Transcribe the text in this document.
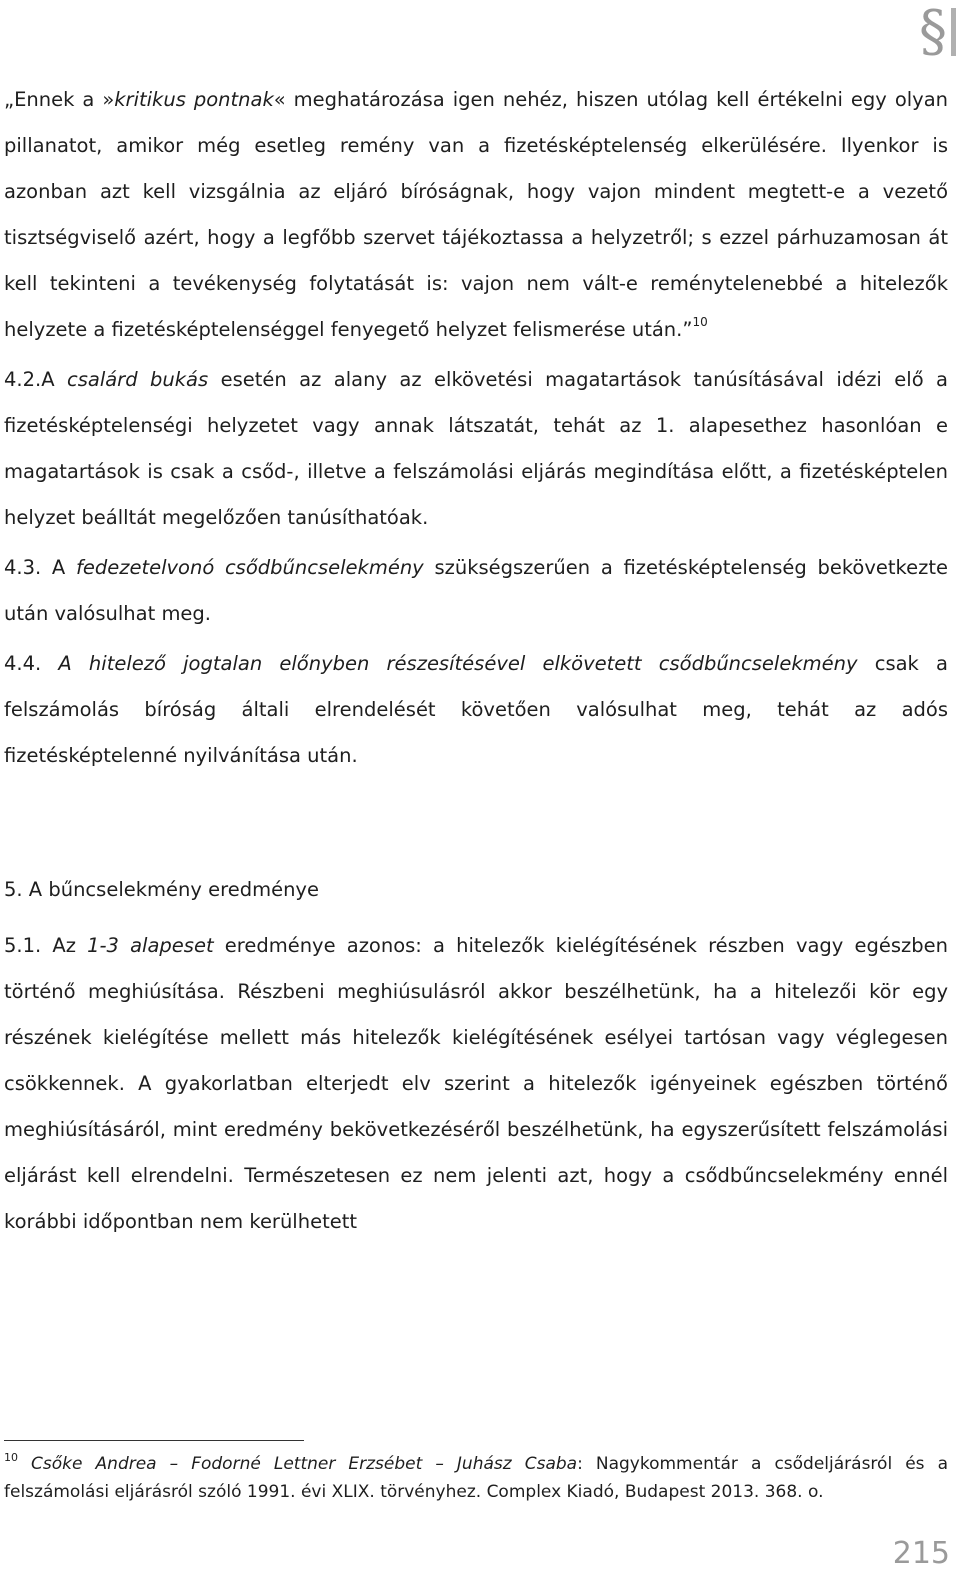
§

„Ennek a »kritikus pontnak« meghatározása igen nehéz, hiszen utólag kell értékelni egy olyan pillanatot, amikor még esetleg remény van a fizetésképtelenség elkerülésére. Ilyenkor is azonban azt kell vizsgálnia az eljáró bíróságnak, hogy vajon mindent megtett-e a vezető tisztségviselő azért, hogy a legfőbb szervet tájékoztassa a helyzetről; s ezzel párhuzamosan át kell tekinteni a tevékenység folytatását is: vajon nem vált-e reménytelenebbé a hitelezők helyzete a fizetésképtelenséggel fenyegető helyzet felismerése után.”$^{10}$

4.2.A csalárd bukás esetén az alany az elkövetési magatartások tanúsításával idézi elő a fizetésképtelenségi helyzetet vagy annak látszatát, tehát az 1. alapesethez hasonlóan e magatartások is csak a csőd-, illetve a felszámolási eljárás megindítása előtt, a fizetésképtelen helyzet beálltát megelőzően tanúsíthatóak.

4.3. A fedezetelvonó csődbűncselekmény szükségszerűen a fizetésképtelenség bekövetkezte után valósulhat meg.

4.4. A hitelező jogtalan előnyben részesítésével elkövetett csődbűncselekmény csak a felszámolás bíróság általi elrendelését követően valósulhat meg, tehát az adós fizetésképtelenné nyilvánítása után.

5. A bűncselekmény eredménye

5.1. Az 1-3 alapeset eredménye azonos: a hitelezők kielégítésének részben vagy egészben történő meghiúsítása. Részbeni meghiúsulásról akkor beszélhetünk, ha a hitelezői kör egy részének kielégítése mellett más hitelezők kielégítésének esélyei tartósan vagy véglegesen csökkennek. A gyakorlatban elterjedt elv szerint a hitelezők igényeinek egészben történő meghiúsításáról, mint eredmény bekövetkezéséről beszélhetünk, ha egyszerűsített felszámolási eljárást kell elrendelni. Természetesen ez nem jelenti azt, hogy a csődbűncselekmény ennél korábbi időpontban nem kerülhetett

$^{10}$ Csőke Andrea – Fodorné Lettner Erzsébet – Juhász Csaba: Nagykommentár a csődeljárásról és a felszámolási eljárásról szóló 1991. évi XLIX. törvényhez. Complex Kiadó, Budapest 2013. 368. o.
215
